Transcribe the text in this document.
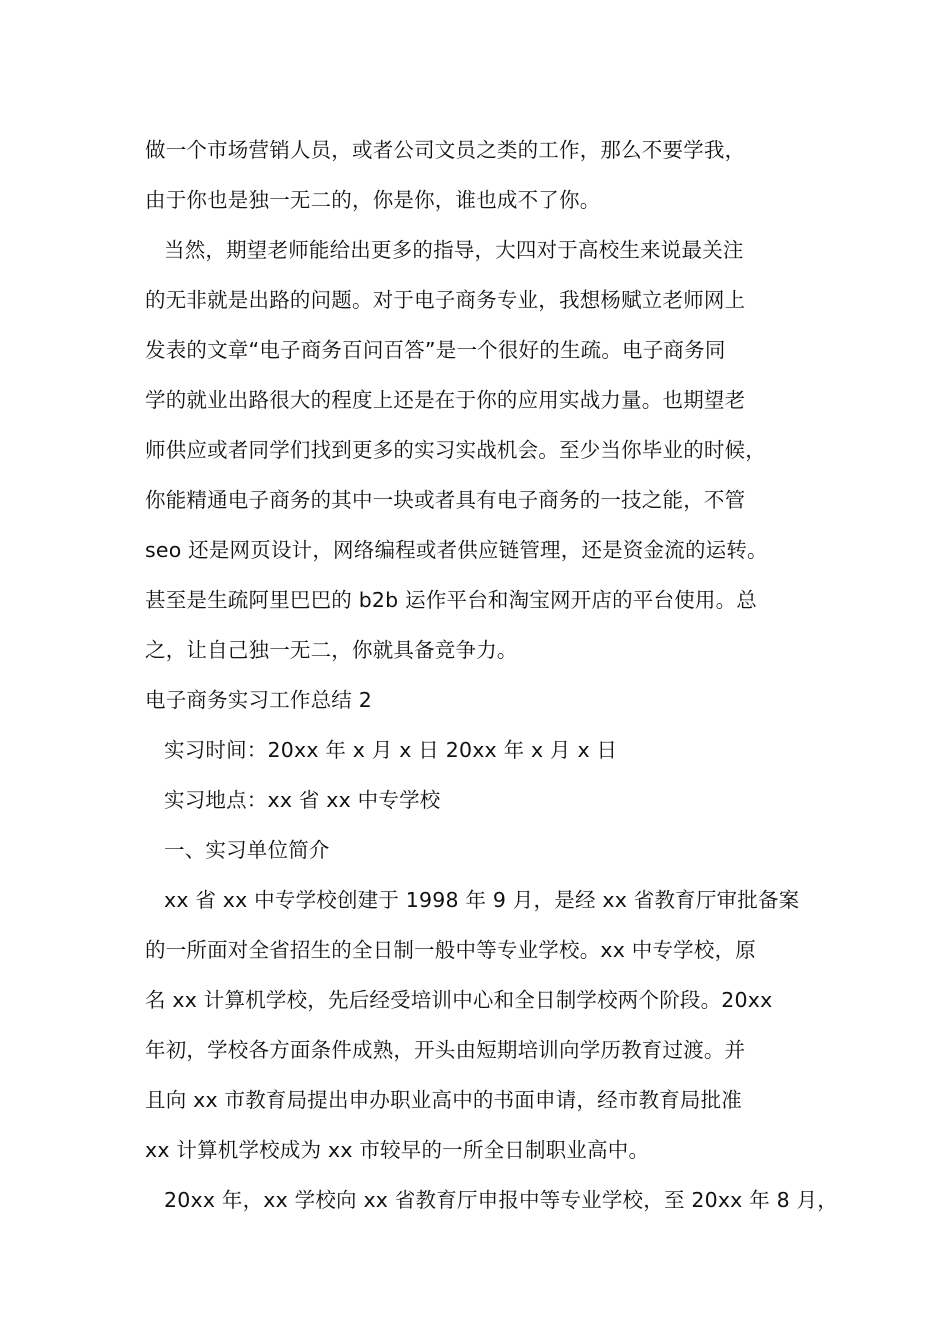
做一个市场营销人员，或者公司文员之类的工作，那么不要学我，
由于你也是独一无二的，你是你，谁也成不了你。
当然，期望老师能给出更多的指导，大四对于高校生来说最关注
的无非就是出路的问题。对于电子商务专业，我想杨赋立老师网上
发表的文章“电子商务百问百答”是一个很好的生疏。电子商务同
学的就业出路很大的程度上还是在于你的应用实战力量。也期望老
师供应或者同学们找到更多的实习实战机会。至少当你毕业的时候，
你能精通电子商务的其中一块或者具有电子商务的一技之能，不管
seo 还是网页设计，网络编程或者供应链管理，还是资金流的运转。
甚至是生疏阿里巴巴的 b2b 运作平台和淘宝网开店的平台使用。总
之，让自己独一无二，你就具备竞争力。
电子商务实习工作总结 2
实习时间：20xx 年 x 月 x 日 20xx 年 x 月 x 日
实习地点：xx 省 xx 中专学校
一、实习单位简介
xx 省 xx 中专学校创建于 1998 年 9 月，是经 xx 省教育厅审批备案
的一所面对全省招生的全日制一般中等专业学校。xx 中专学校，原
名 xx 计算机学校，先后经受培训中心和全日制学校两个阶段。20xx
年初，学校各方面条件成熟，开头由短期培训向学历教育过渡。并
且向 xx 市教育局提出申办职业高中的书面申请，经市教育局批准
xx 计算机学校成为 xx 市较早的一所全日制职业高中。
20xx 年，xx 学校向 xx 省教育厅申报中等专业学校，至 20xx 年 8 月，
